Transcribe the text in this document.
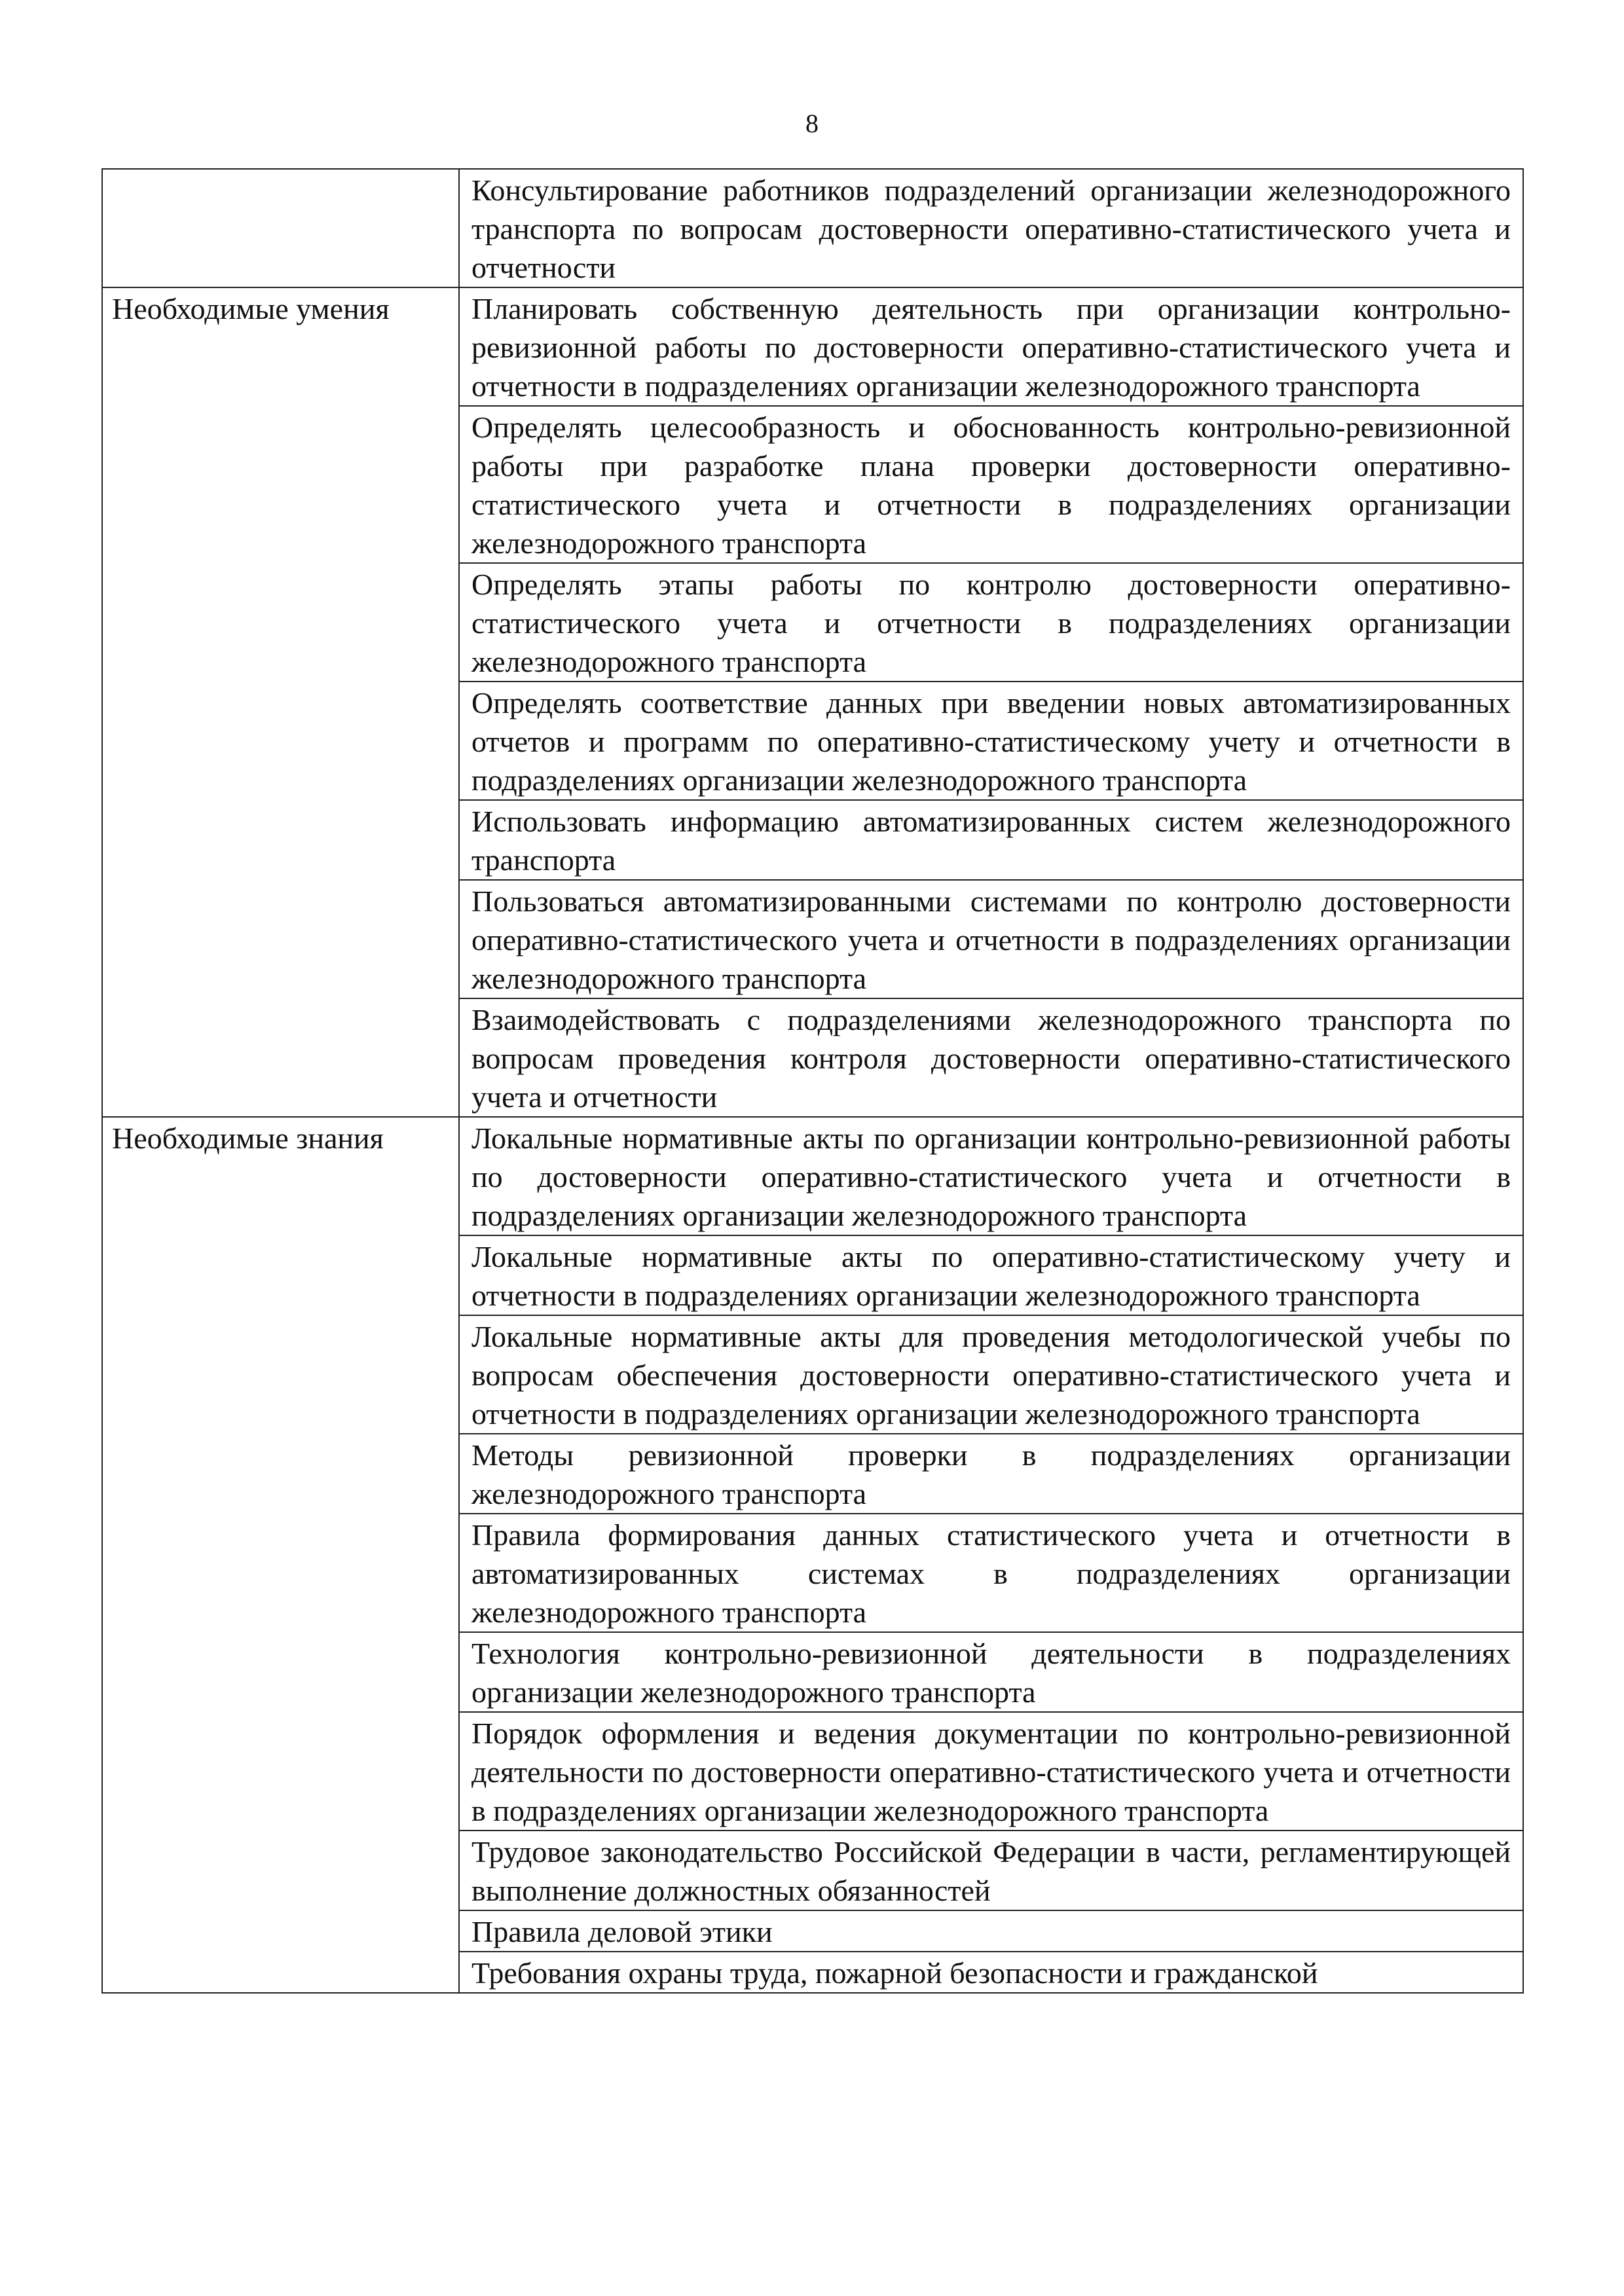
8
	Консультирование работников подразделений организации железнодорожного транспорта по вопросам достоверности оперативно-статистического учета и отчетности
Необходимые умения	Планировать собственную деятельность при организации контрольно-ревизионной работы по достоверности оперативно-статистического учета и отчетности в подразделениях организации железнодорожного транспорта
	Определять целесообразность и обоснованность контрольно-ревизионной работы при разработке плана проверки достоверности оперативно-статистического учета и отчетности в подразделениях организации железнодорожного транспорта
	Определять этапы работы по контролю достоверности оперативно-статистического учета и отчетности в подразделениях организации железнодорожного транспорта
	Определять соответствие данных при введении новых автоматизированных отчетов и программ по оперативно-статистическому учету и отчетности в подразделениях организации железнодорожного транспорта
	Использовать информацию автоматизированных систем железнодорожного транспорта
	Пользоваться автоматизированными системами по контролю достоверности оперативно-статистического учета и отчетности в подразделениях организации железнодорожного транспорта
	Взаимодействовать с подразделениями железнодорожного транспорта по вопросам проведения контроля достоверности оперативно-статистического учета и отчетности
Необходимые знания	Локальные нормативные акты по организации контрольно-ревизионной работы по достоверности оперативно-статистического учета и отчетности в подразделениях организации железнодорожного транспорта
	Локальные нормативные акты по оперативно-статистическому учету и отчетности в подразделениях организации железнодорожного транспорта
	Локальные нормативные акты для проведения методологической учебы по вопросам обеспечения достоверности оперативно-статистического учета и отчетности в подразделениях организации железнодорожного транспорта
	Методы ревизионной проверки в подразделениях организации железнодорожного транспорта
	Правила формирования данных статистического учета и отчетности в автоматизированных системах в подразделениях организации железнодорожного транспорта
	Технология контрольно-ревизионной деятельности в подразделениях организации железнодорожного транспорта
	Порядок оформления и ведения документации по контрольно-ревизионной деятельности по достоверности оперативно-статистического учета и отчетности в подразделениях организации железнодорожного транспорта
	Трудовое законодательство Российской Федерации в части, регламентирующей выполнение должностных обязанностей
	Правила деловой этики
	Требования охраны труда, пожарной безопасности и гражданской
